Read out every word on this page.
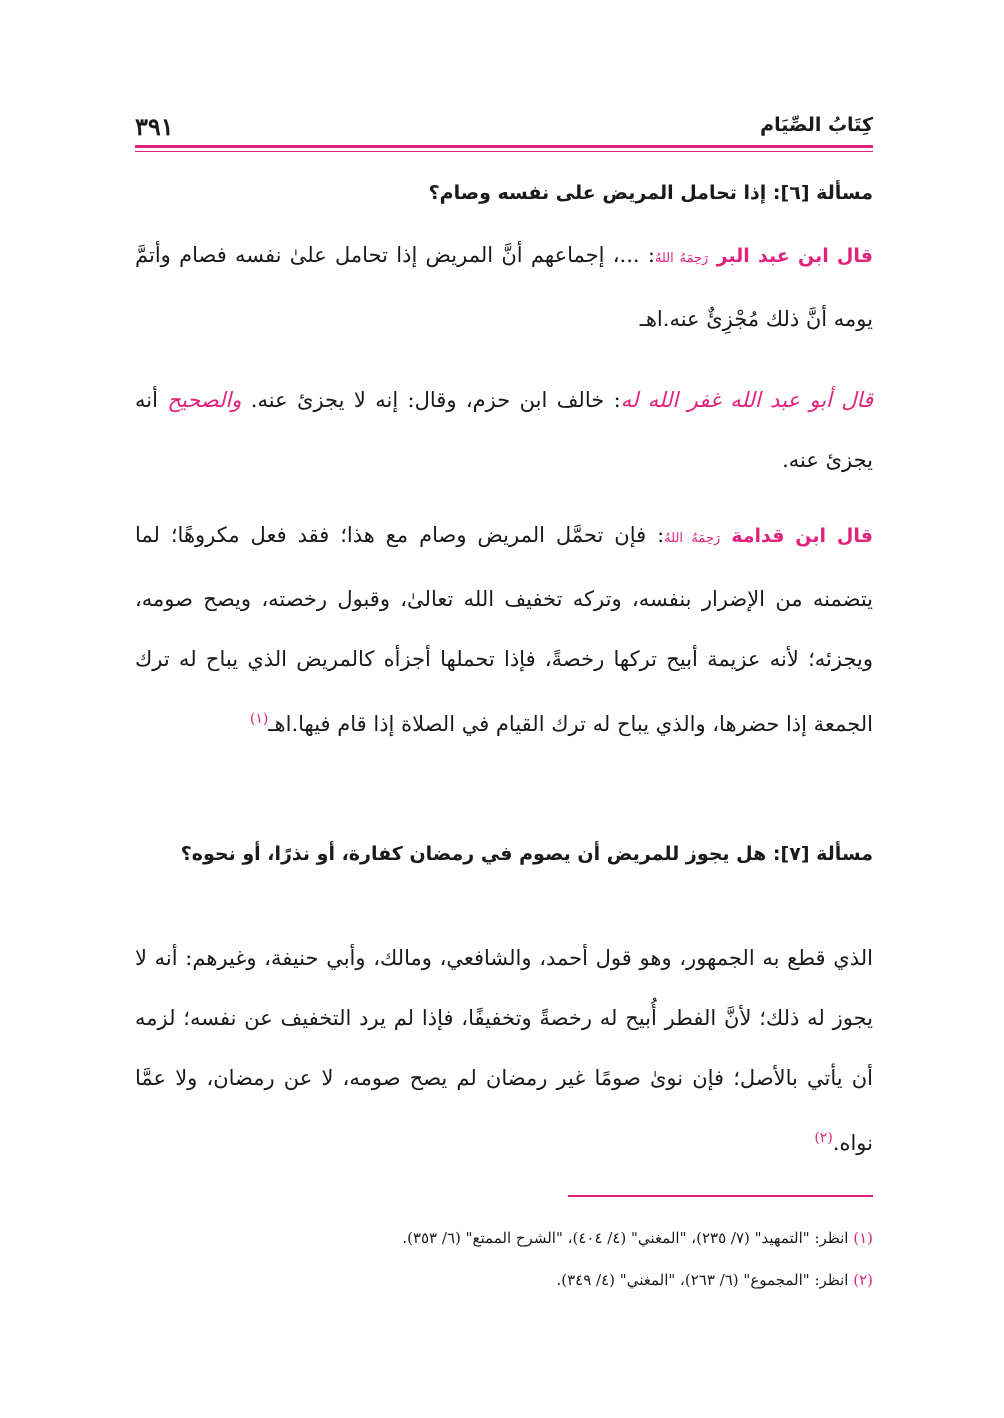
كِتَابُ الصِّيَام
٣٩١
مسألة [٦]: إذا تحامل المريض على نفسه وصام؟
قال ابن عبد البر رَحِمَهُ اللهُ: ...، إجماعهم أنَّ المريض إذا تحامل علىٰ نفسه فصام وأتمَّ يومه أنَّ ذلك مُجْزِئٌ عنه.اهـ
قال أبو عبد الله غفر الله له: خالف ابن حزم، وقال: إنه لا يجزئ عنه. والصحيح أنه يجزئ عنه.
قال ابن قدامة رَحِمَهُ اللهُ: فإن تحمَّل المريض وصام مع هذا؛ فقد فعل مكروهًا؛ لما يتضمنه من الإضرار بنفسه، وتركه تخفيف الله تعالىٰ، وقبول رخصته، ويصح صومه، ويجزئه؛ لأنه عزيمة أبيح تركها رخصةً، فإذا تحملها أجزأه كالمريض الذي يباح له ترك الجمعة إذا حضرها، والذي يباح له ترك القيام في الصلاة إذا قام فيها.اهـ$^{(١)}$
مسألة [٧]: هل يجوز للمريض أن يصوم في رمضان كفارة، أو نذرًا، أو نحوه؟
الذي قطع به الجمهور، وهو قول أحمد، والشافعي، ومالك، وأبي حنيفة، وغيرهم: أنه لا يجوز له ذلك؛ لأنَّ الفطر أُبيح له رخصةً وتخفيفًا، فإذا لم يرد التخفيف عن نفسه؛ لزمه أن يأتي بالأصل؛ فإن نوىٰ صومًا غير رمضان لم يصح صومه، لا عن رمضان، ولا عمَّا نواه.$^{(٢)}$
(١) انظر: "التمهيد" (٧/ ٢٣٥)، "المغني" (٤/ ٤٠٤)، "الشرح الممتع" (٦/ ٣٥٣).
(٢) انظر: "المجموع" (٦/ ٢٦٣)، "المغني" (٤/ ٣٤٩).
